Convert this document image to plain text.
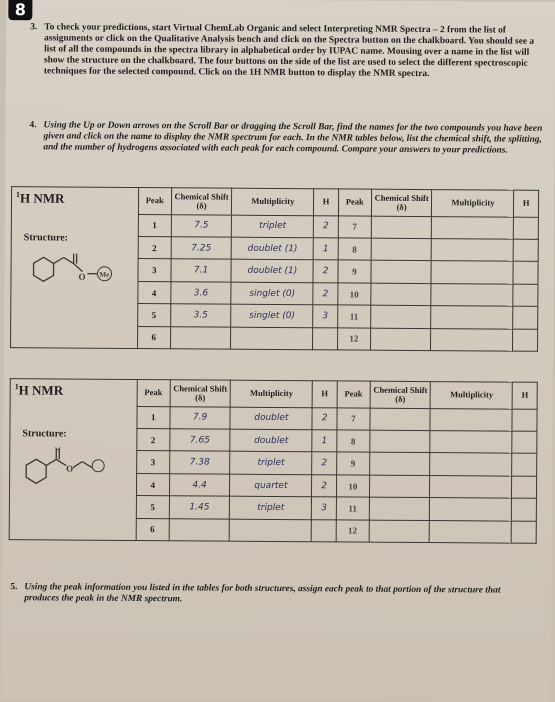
8
3. To check your predictions, start Virtual ChemLab Organic and select Interpreting NMR Spectra – 2 from the list of assignments or click on the Qualitative Analysis bench and click on the Spectra button on the chalkboard. You should see a list of all the compounds in the spectra library in alphabetical order by IUPAC name. Mousing over a name in the list will show the structure on the chalkboard. The four buttons on the side of the list are used to select the different spectroscopic techniques for the selected compound. Click on the 1H NMR button to display the NMR spectra.
4. Using the Up or Down arrows on the Scroll Bar or dragging the Scroll Bar, find the names for the two compounds you have been given and click on the name to display the NMR spectrum for each. In the NMR tables below, list the chemical shift, the splitting, and the number of hydrogens associated with each peak for each compound. Compare your answers to your predictions.
$^1$H NMR
Structure:
O Me	Peak	Chemical Shift (δ)	Multiplicity	H	Peak	Chemical Shift (δ)	Multiplicity	H
	1	7.5	triplet	2	7			
	2	7.25	doublet (1)	1	8			
	3	7.1	doublet (1)	2	9			
	4	3.6	singlet (0)	2	10			
	5	3.5	singlet (0)	3	11			
	6				12			
$^1$H NMR
Structure:
O	Peak	Chemical Shift (δ)	Multiplicity	H	Peak	Chemical Shift (δ)	Multiplicity	H
	1	7.9	doublet	2	7			
	2	7.65	doublet	1	8			
	3	7.38	triplet	2	9			
	4	4.4	quartet	2	10			
	5	1.45	triplet	3	11			
	6				12			
5. Using the peak information you listed in the tables for both structures, assign each peak to that portion of the structure that produces the peak in the NMR spectrum.
